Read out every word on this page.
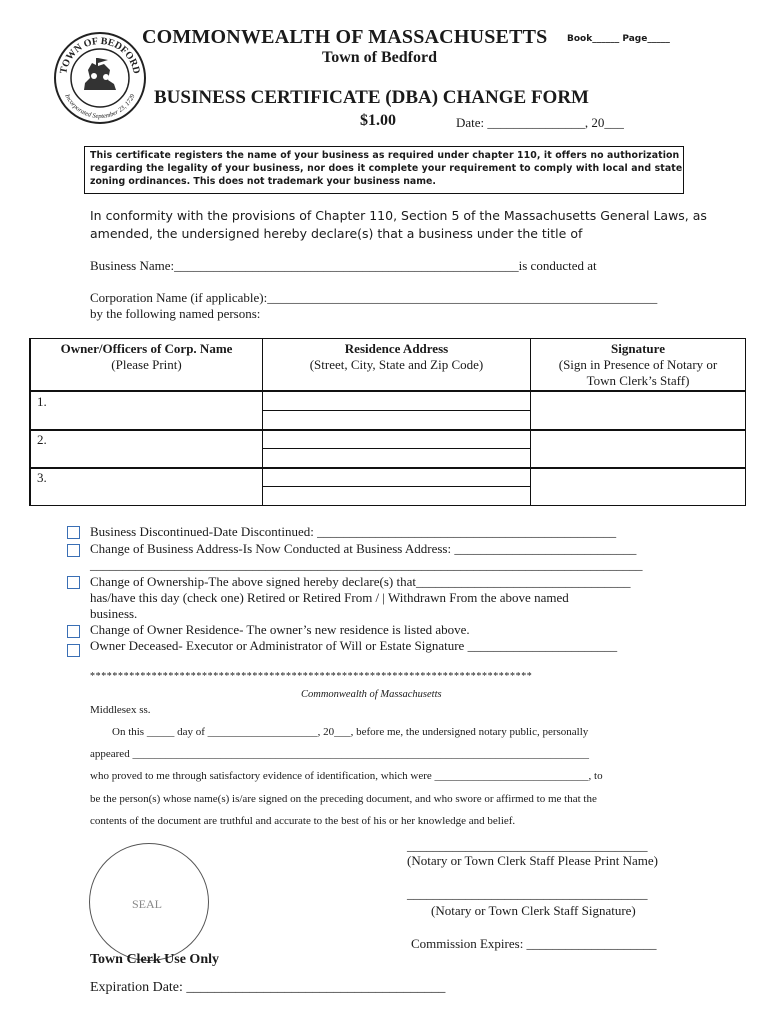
TOWN OF BEDFORD
Incorporated September 23, 1729
COMMONWEALTH OF MASSACHUSETTS Book______ Page_____
Town of Bedford
BUSINESS CERTIFICATE (DBA) CHANGE FORM
$1.00	Date: _______________, 20___
This certificate registers the name of your business as required under chapter 110, it offers no authorization
regarding the legality of your business, nor does it complete your requirement to comply with local and state
zoning ordinances. This does not trademark your business name.
In conformity with the provisions of Chapter 110, Section 5 of the Massachusetts General Laws, as
amended, the undersigned hereby declare(s) that a business under the title of
Business Name:_____________________________________________________is conducted at
Corporation Name (if applicable):____________________________________________________________
by the following named persons:
Owner/Officers of Corp. Name
(Please Print)
Residence Address
(Street, City, State and Zip Code)
Signature
(Sign in Presence of Notary or
Town Clerk’s Staff)
1.
2.
3.
Business Discontinued-Date Discontinued: ______________________________________________
Change of Business Address-Is Now Conducted at Business Address: ____________________________
_____________________________________________________________________________________
Change of Ownership-The above signed hereby declare(s) that_________________________________
has/have this day (check one) Retired or Retired From / | Withdrawn From the above named
business.
Change of Owner Residence- The owner’s new residence is listed above.
Owner Deceased- Executor or Administrator of Will or Estate Signature _______________________
*******************************************************************************
Commonwealth of Massachusetts
Middlesex ss.
On this _____ day of ____________________, 20___, before me, the undersigned notary public, personally
appeared ___________________________________________________________________________________
who proved to me through satisfactory evidence of identification, which were ____________________________, to
be the person(s) whose name(s) is/are signed on the preceding document, and who swore or affirmed to me that the
contents of the document are truthful and accurate to the best of his or her knowledge and belief.
SEAL
_____________________________________
(Notary or Town Clerk Staff Please Print Name)
_____________________________________
(Notary or Town Clerk Staff Signature)
Commission Expires: ____________________
Town Clerk Use Only
Expiration Date: _____________________________________
